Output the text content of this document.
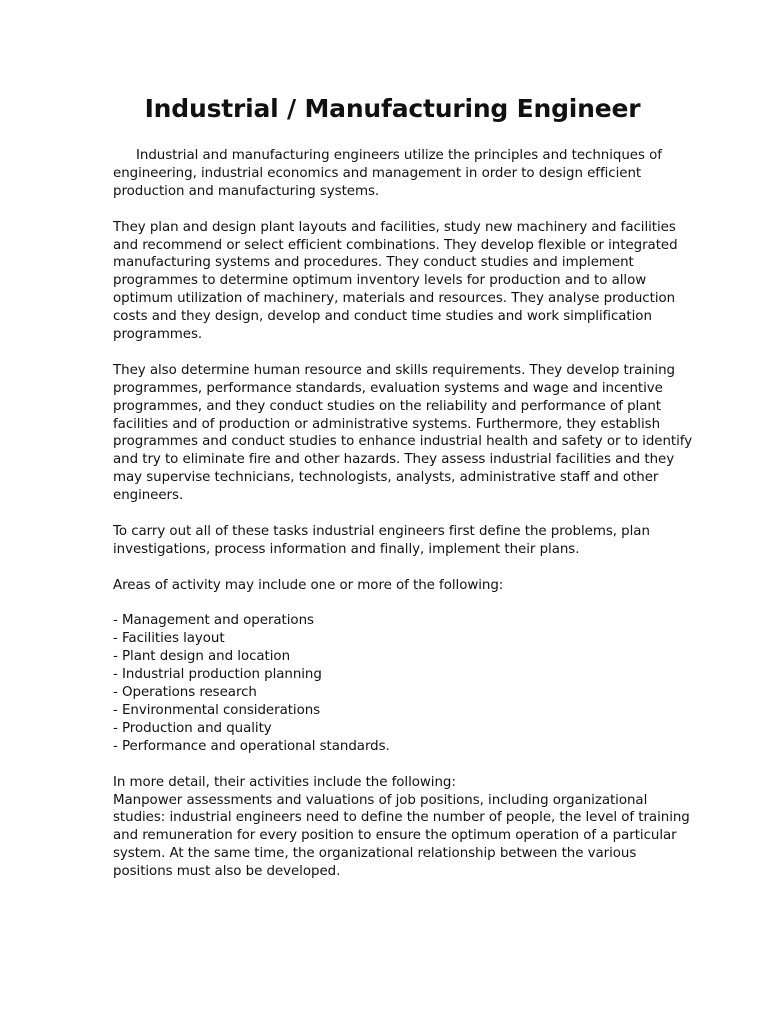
Industrial / Manufacturing Engineer

Industrial and manufacturing engineers utilize the principles and techniques of engineering, industrial economics and management in order to design efficient production and manufacturing systems.

They plan and design plant layouts and facilities, study new machinery and facilities and recommend or select efficient combinations. They develop flexible or integrated manufacturing systems and procedures. They conduct studies and implement programmes to determine optimum inventory levels for production and to allow optimum utilization of machinery, materials and resources. They analyse production costs and they design, develop and conduct time studies and work simplification programmes.

They also determine human resource and skills requirements. They develop training programmes, performance standards, evaluation systems and wage and incentive programmes, and they conduct studies on the reliability and performance of plant facilities and of production or administrative systems. Furthermore, they establish programmes and conduct studies to enhance industrial health and safety or to identify and try to eliminate fire and other hazards. They assess industrial facilities and they may supervise technicians, technologists, analysts, administrative staff and other engineers.

To carry out all of these tasks industrial engineers first define the problems, plan investigations, process information and finally, implement their plans.

Areas of activity may include one or more of the following:

- Management and operations
- Facilities layout
- Plant design and location
- Industrial production planning
- Operations research
- Environmental considerations
- Production and quality
- Performance and operational standards.

In more detail, their activities include the following:

Manpower assessments and valuations of job positions, including organizational studies: industrial engineers need to define the number of people, the level of training and remuneration for every position to ensure the optimum operation of a particular system. At the same time, the organizational relationship between the various positions must also be developed.
